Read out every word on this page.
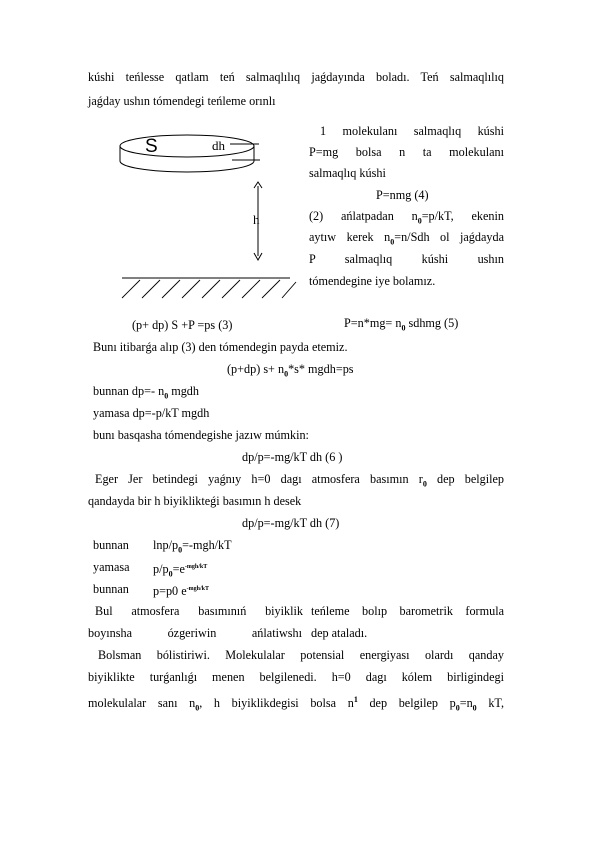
kúshi teńlesse qatlam teń salmaqlılıq jaǵdayında boladı. Teń salmaqlılıq
jaǵday ushın tómendegi teńleme orınlı
S	dh
h
1 molekulanı salmaqlıq kúshi
P=mg bolsa n ta molekulanı
salmaqlıq kúshi
P=nmg (4)
(2) ańlatpadan $n_0=p/kT$, ekenin
aytıw kerek $n_0=n$/Sdh ol jaǵdayda
P salmaqlıq kúshi ushın
tómendegine iye bolamız.
(p+ dp) S +P =ps (3)	$P=n*mg= n_0$ sdhmg (5)
Bunı itibarǵa alıp (3) den tómendegin payda etemiz.
(p+dp) $s+ n_0*s*$ mgdh=ps
bunnan dp=- $n_0$ mgdh
yamasa dp=-p/kT mgdh
bunı basqasha tómendegishe jazıw múmkin:
dp/p=-mg/kT dh (6 )
Eger Jer betindegi yaǵnıy h=0 dagı atmosfera basımın $r_0$ dep belgilep
qandayda bir h biyiklikteǵi basımın h desek
dp/p=-mg/kT dh (7)
bunnan lnp/$p_0=-mgh/kT$
yamasa $p/p_0=e^{-mgh/kT}$
bunnan p=p0 $e^{-mgh/kT}$
Bul atmosfera basımınıń biyiklik teńleme bolıp barometrik formula
boyınsha ózgeriwin ańlatiwshı dep ataladı.
Bolsman bólistiriwi. Molekulalar potensial energiyası olardı qanday
biyiklikte turǵanlıǵı menen belgilenedi. h=0 dagı kólem birligindegi
molekulalar sanı $n_0$, h biyiklikdegisi bolsa $n^1$ dep belgilep $p_0=n_0$ kT,
